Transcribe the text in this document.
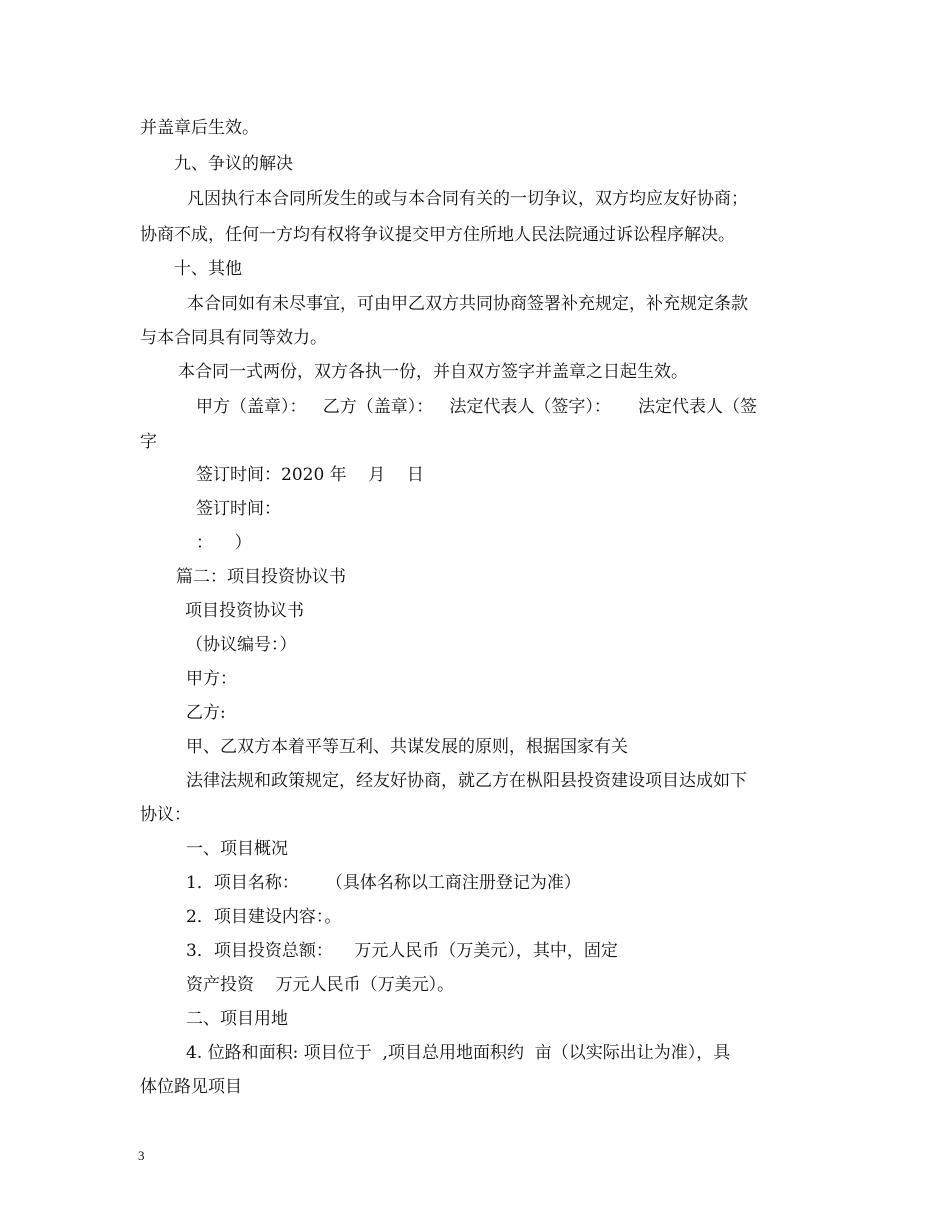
并盖章后生效。
九、争议的解决
凡因执行本合同所发生的或与本合同有关的一切争议，双方均应友好协商；
协商不成，任何一方均有权将争议提交甲方住所地人民法院通过诉讼程序解决。
十、其他
本合同如有未尽事宜，可由甲乙双方共同协商签署补充规定，补充规定条款
与本合同具有同等效力。
本合同一式两份，双方各执一份，并自双方签字并盖章之日起生效。
甲方（盖章）：   乙方（盖章）：   法定代表人（签字）：     法定代表人（签
字
签订时间：2020 年    月    日
签订时间：
：    ）
篇二：项目投资协议书
项目投资协议书
（协议编号：）
甲方：
乙方:
甲、乙双方本着平等互利、共谋发展的原则，根据国家有关
法律法规和政策规定，经友好协商，就乙方在枞阳县投资建设项目达成如下
协议：
一、项目概况
1．项目名称：     （具体名称以工商注册登记为准）
2．项目建设内容：。
3．项目投资总额：    万元人民币（万美元），其中，固定
资产投资    万元人民币（万美元）。
二、项目用地
4. 位路和面积: 项目位于  ,项目总用地面积约  亩（以实际出让为准），具
体位路见项目
3
